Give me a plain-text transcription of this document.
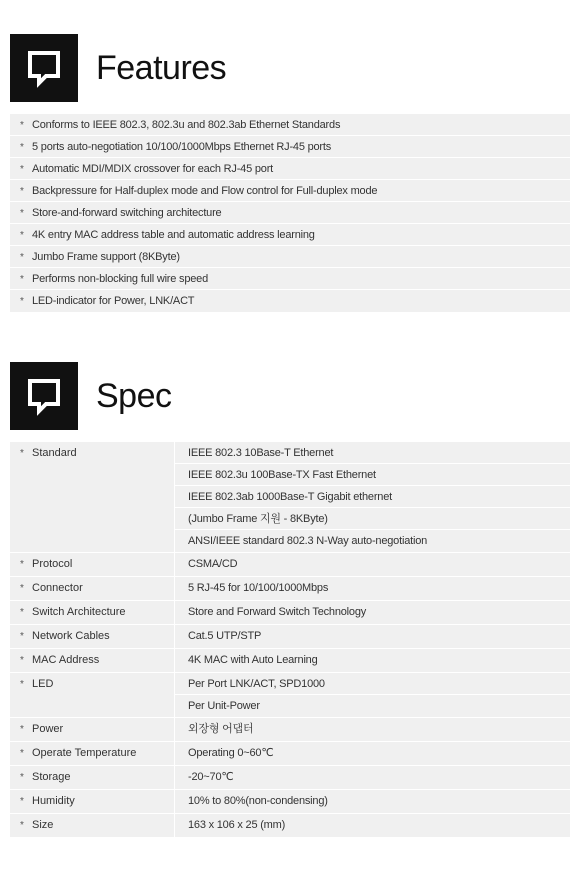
Features
* Conforms to IEEE 802.3, 802.3u and 802.3ab Ethernet Standards
* 5 ports auto-negotiation 10/100/1000Mbps Ethernet RJ-45 ports
* Automatic MDI/MDIX crossover for each RJ-45 port
* Backpressure for Half-duplex mode and Flow control for Full-duplex mode
* Store-and-forward switching architecture
* 4K entry MAC address table and automatic address learning
* Jumbo Frame support (8KByte)
* Performs non-blocking full wire speed
* LED-indicator for Power, LNK/ACT
Spec
* Standard	IEEE 802.3 10Base-T Ethernet
IEEE 802.3u 100Base-TX Fast Ethernet
IEEE 802.3ab 1000Base-T Gigabit ethernet
(Jumbo Frame 지원 - 8KByte)
ANSI/IEEE standard 802.3 N-Way auto-negotiation
* Protocol	CSMA/CD
* Connector	5 RJ-45 for 10/100/1000Mbps
* Switch Architecture	Store and Forward Switch Technology
* Network Cables	Cat.5 UTP/STP
* MAC Address	4K MAC with Auto Learning
* LED	Per Port LNK/ACT, SPD1000
Per Unit-Power
* Power	외장형 어댑터
* Operate Temperature	Operating 0~60℃
* Storage	-20~70℃
* Humidity	10% to 80%(non-condensing)
* Size	163 x 106 x 25 (mm)
